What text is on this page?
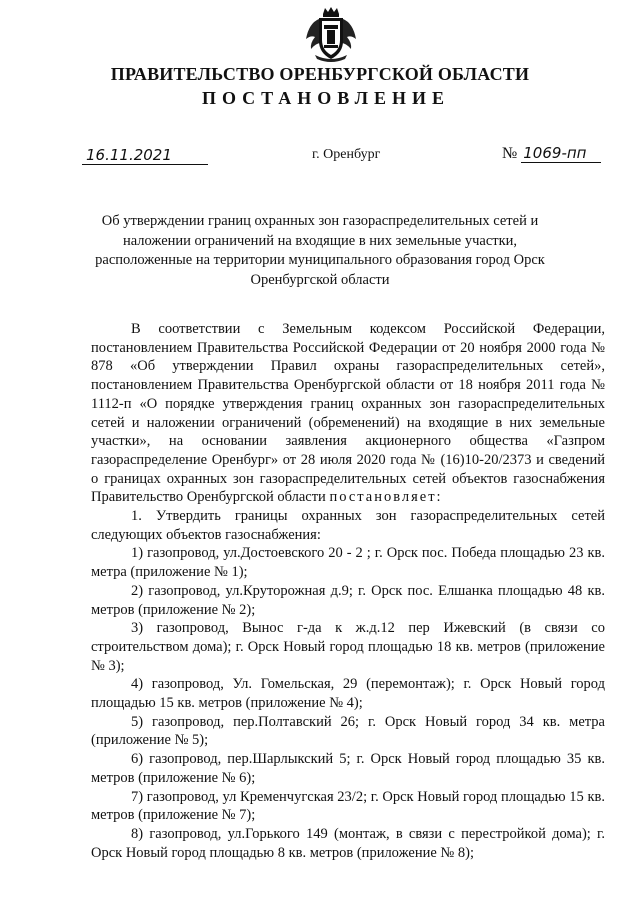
ПРАВИТЕЛЬСТВО ОРЕНБУРГСКОЙ ОБЛАСТИ
ПОСТАНОВЛЕНИЕ
16.11.2021	г. Оренбург	№ 1069-пп
Об утверждении границ охранных зон газораспределительных сетей и наложении ограничений на входящие в них земельные участки, расположенные на территории муниципального образования город Орск Оренбургской области

В соответствии с Земельным кодексом Российской Федерации, постановлением Правительства Российской Федерации от 20 ноября 2000 года № 878 «Об утверждении Правил охраны газораспределительных сетей», постановлением Правительства Оренбургской области от 18 ноября 2011 года № 1112-п «О порядке утверждения границ охранных зон газораспределительных сетей и наложении ограничений (обременений) на входящие в них земельные участки», на основании заявления акционерного общества «Газпром газораспределение Оренбург» от 28 июля 2020 года № (16)10-20/2373 и сведений о границах охранных зон газораспределительных сетей объектов газоснабжения Правительство Оренбургской области постановляет:

1. Утвердить границы охранных зон газораспределительных сетей следующих объектов газоснабжения:

1) газопровод, ул.Достоевского 20 - 2 ; г. Орск пос. Победа площадью 23 кв. метра (приложение № 1);

2) газопровод, ул.Круторожная д.9; г. Орск пос. Елшанка площадью 48 кв. метров (приложение № 2);

3) газопровод, Вынос г-да к ж.д.12 пер Ижевский (в связи со строительством дома); г. Орск Новый город площадью 18 кв. метров (приложение № 3);

4) газопровод, Ул. Гомельская, 29 (перемонтаж); г. Орск Новый город площадью 15 кв. метров (приложение № 4);

5) газопровод, пер.Полтавский 26; г. Орск Новый город 34 кв. метра (приложение № 5);

6) газопровод, пер.Шарлыкский 5; г. Орск Новый город площадью 35 кв. метров (приложение № 6);

7) газопровод, ул Кременчугская 23/2; г. Орск Новый город площадью 15 кв. метров (приложение № 7);

8) газопровод, ул.Горького 149 (монтаж, в связи с перестройкой дома); г. Орск Новый город площадью 8 кв. метров (приложение № 8);
